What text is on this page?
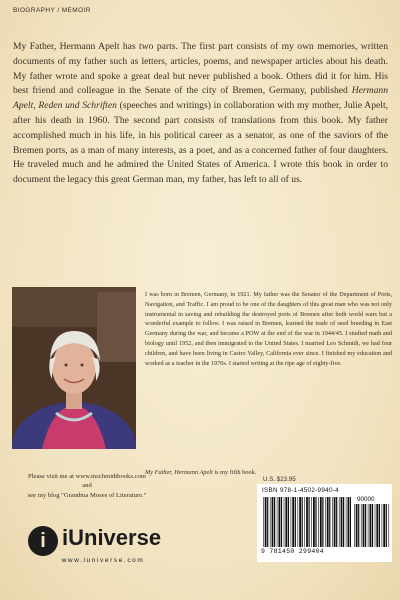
BIOGRAPHY / MEMOIR

My Father, Hermann Apelt has two parts. The first part consists of my own memories, written documents of my father such as letters, articles, poems, and newspaper articles about his death. My father wrote and spoke a great deal but never published a book. Others did it for him. His best friend and colleague in the Senate of the city of Bremen, Germany, published Hermann Apelt, Reden und Schriften (speeches and writings) in collaboration with my mother, Julie Apelt, after his death in 1960. The second part consists of translations from this book. My father accomplished much in his life, in his political career as a senator, as one of the saviors of the Bremen ports, as a man of many interests, as a poet, and as a concerned father of four daughters. He traveled much and he admired the United States of America. I wrote this book in order to document the legacy this great German man, my father, has left to all of us.

I was born in Bremen, Germany, in 1921. My father was the Senator of the Department of Ports, Navigation, and Traffic. I am proud to be one of the daughters of this great man who was not only instrumental in saving and rebuilding the destroyed ports of Bremen after both world wars but a wonderful example to follow. I was raised in Bremen, learned the trade of seed breeding in East Germany during the war, and became a POW at the end of the war in 1944/45. I studied math and biology until 1952, and then immigrated to the United States. I married Leo Schmidt, we had four children, and have been living in Castro Valley, California ever since. I finished my education and worked as a teacher in the 1970s. I started writing at the ripe age of eighty-five.

My Father, Hermann Apelt is my fifth book.

Please visit me at www.mschmidtbooks.com
and
see my blog "Grandma Moses of Literature."

i iUniverse
www.iuniverse.com
U.S. $23.95
ISBN 978-1-4502-9940-4
90000
9 781450 299404
